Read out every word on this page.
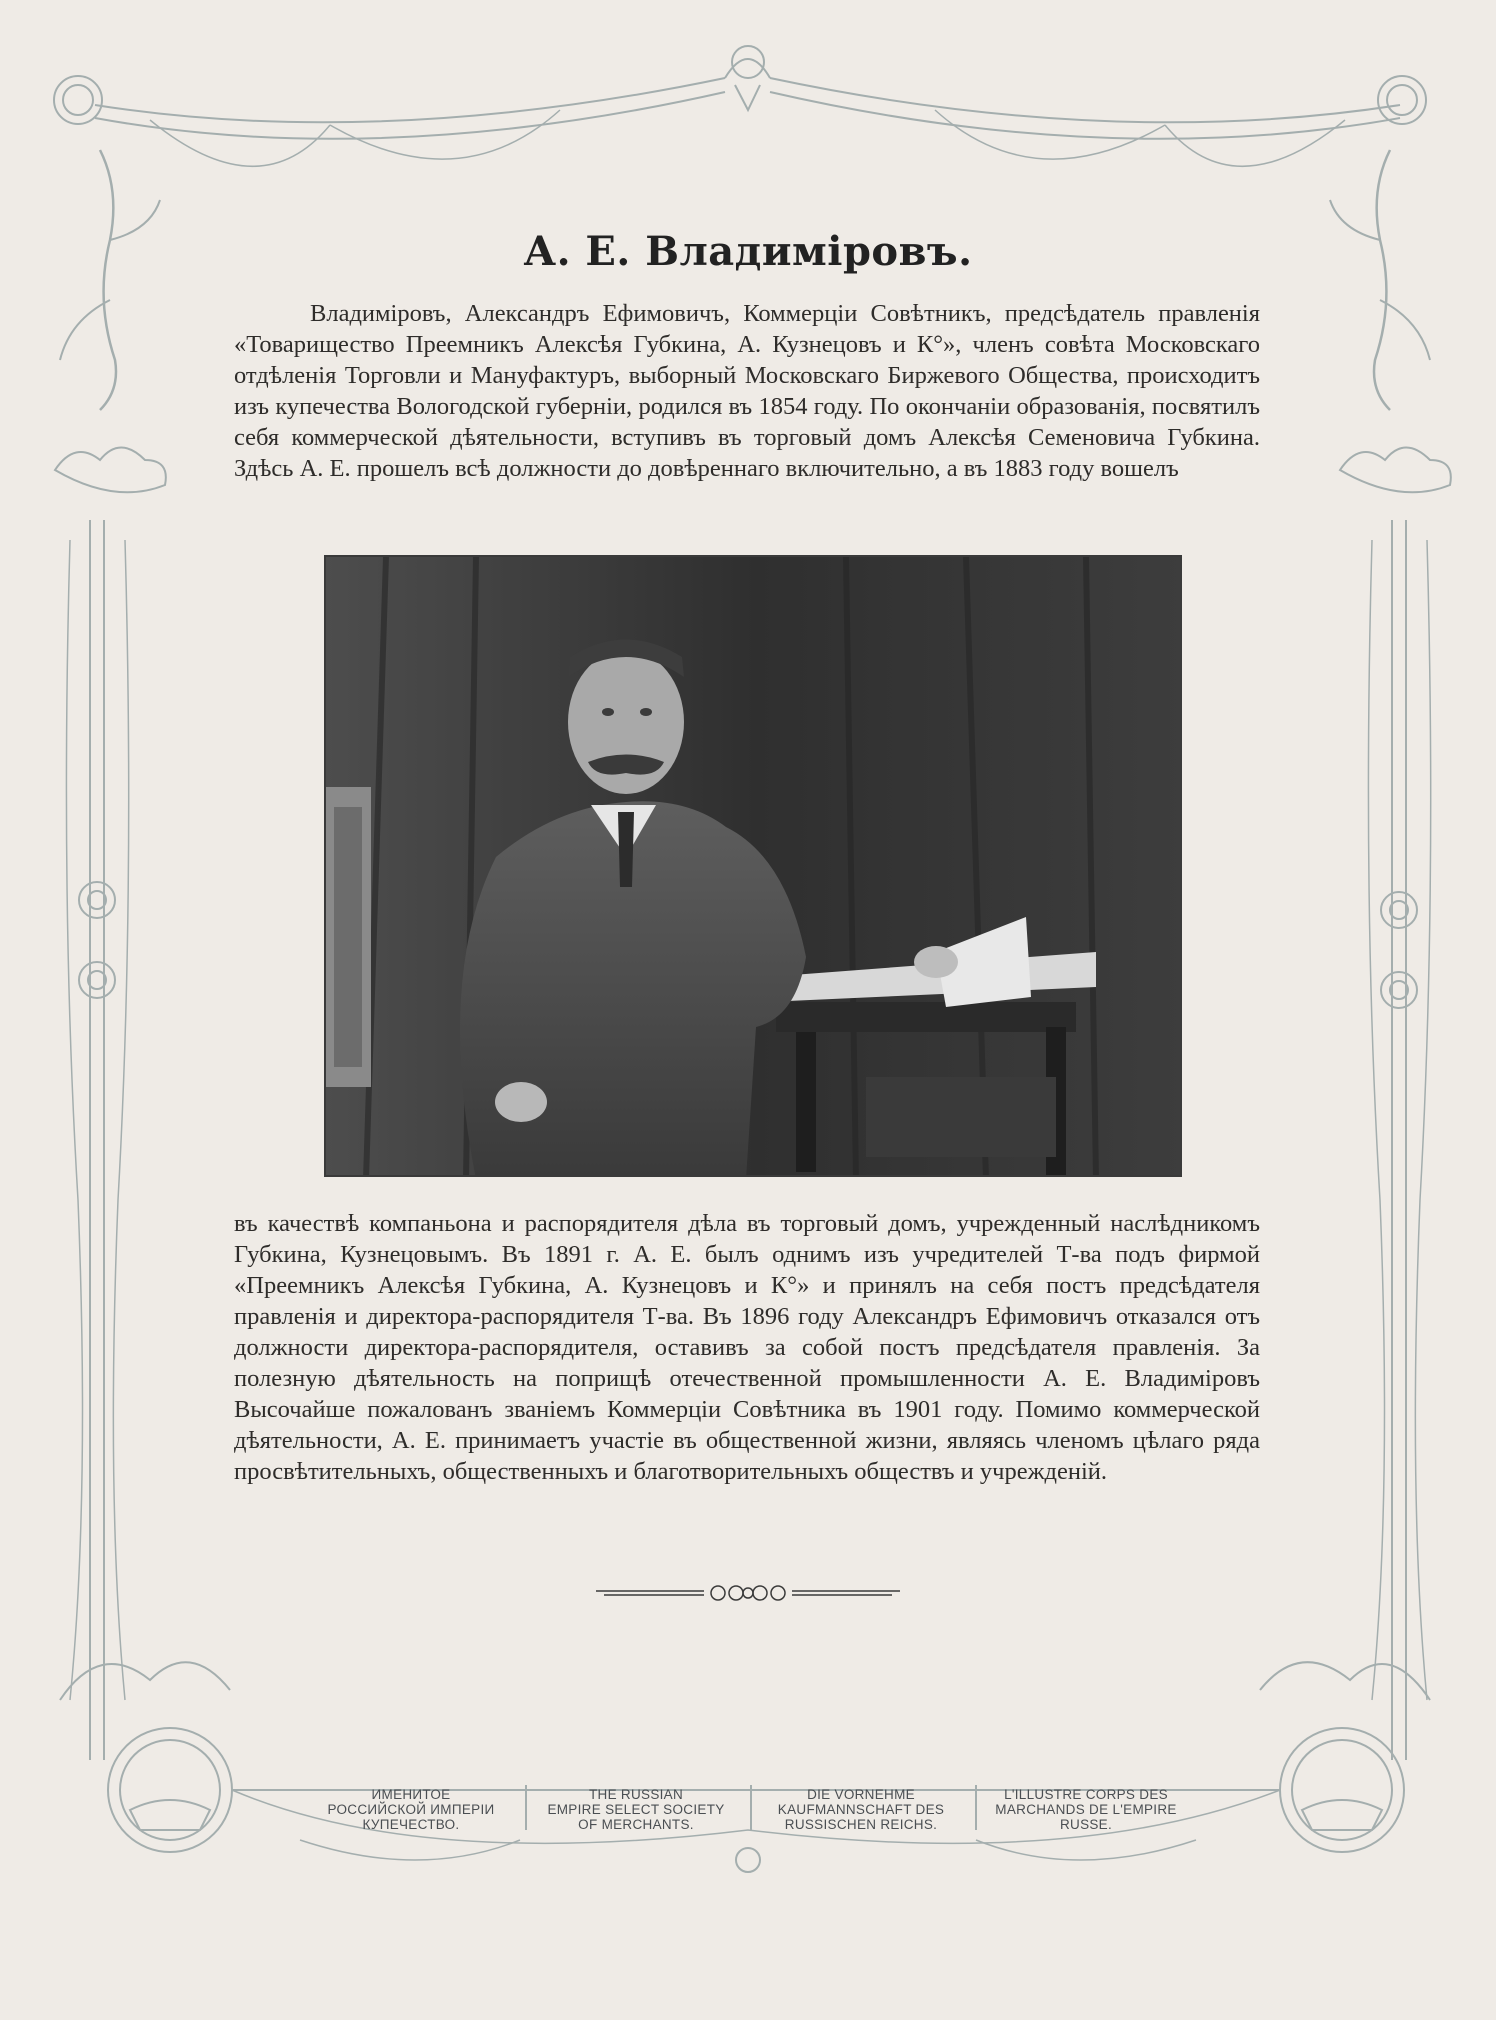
А. Е. Владиміровъ.
Владиміровъ, Александръ Ефимовичъ, Коммерціи Совѣтникъ, предсѣдатель правленія «Товарищество Преемникъ Алексѣя Губкина, А. Кузнецовъ и К°», членъ совѣта Московскаго отдѣленія Торговли и Мануфактуръ, выборный Московскаго Биржевого Общества, происходитъ изъ купечества Вологодской губерніи, родился въ 1854 году. По окончаніи образованія, посвятилъ себя коммерческой дѣятельности, вступивъ въ торговый домъ Алексѣя Семеновича Губкина. Здѣсь А. Е. прошелъ всѣ должности до довѣреннаго включительно, а въ 1883 году вошелъ
въ качествѣ компаньона и распорядителя дѣла въ торговый домъ, учрежденный наслѣдникомъ Губкина, Кузнецовымъ. Въ 1891 г. А. Е. былъ однимъ изъ учредителей Т-ва подъ фирмой «Преемникъ Алексѣя Губкина, А. Кузнецовъ и К°» и принялъ на себя постъ предсѣдателя правленія и директора-распорядителя Т-ва. Въ 1896 году Александръ Ефимовичъ отказался отъ должности директора-распорядителя, оставивъ за собой постъ предсѣдателя правленія. За полезную дѣятельность на поприщѣ отечественной промышленности А. Е. Владиміровъ Высочайше пожалованъ званіемъ Коммерціи Совѣтника въ 1901 году. Помимо коммерческой дѣятельности, А. Е. принимаетъ участіе въ общественной жизни, являясь членомъ цѣлаго ряда просвѣтительныхъ, общественныхъ и благотворительныхъ обществъ и учрежденій.
ИМЕНИТОЕ
РОССИЙСКОЙ ИМПЕРІИ
КУПЕЧЕСТВО.
THE RUSSIAN
EMPIRE SELECT SOCIETY
OF MERCHANTS.
DIE VORNEHME
KAUFMANNSCHAFT DES
RUSSISCHEN REICHS.
L'ILLUSTRE CORPS DES
MARCHANDS DE L'EMPIRE
RUSSE.
